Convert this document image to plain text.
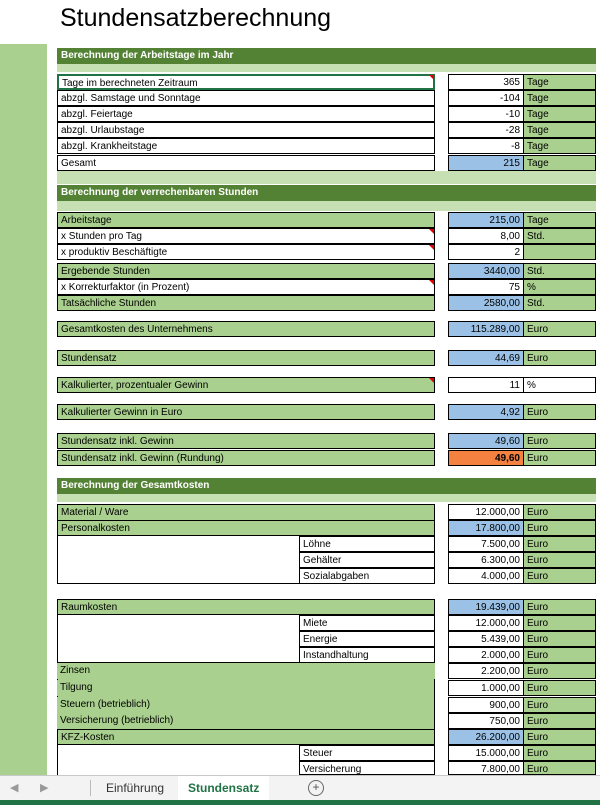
Stundensatzberechnung
Berechnung der Arbeitstage im Jahr
Tage im berechneten Zeitraum	365 Tage
abzgl. Samstage und Sonntage	-104 Tage
abzgl. Feiertage	-10 Tage
abzgl. Urlaubstage	-28 Tage
abzgl. Krankheitstage	-8 Tage
Gesamt	215 Tage
Berechnung der verrechenbaren Stunden
Arbeitstage	215,00 Tage
x Stunden pro Tag	8,00 Std.
x produktiv Beschäftigte	2
Ergebende Stunden	3440,00 Std.
x Korrekturfaktor (in Prozent)	75 %
Tatsächliche Stunden	2580,00 Std.
Gesamtkosten des Unternehmens	115.289,00 Euro
Stundensatz	44,69 Euro
Kalkulierter, prozentualer Gewinn	11 %
Kalkulierter Gewinn in Euro	4,92 Euro
Stundensatz inkl. Gewinn	49,60 Euro
Stundensatz inkl. Gewinn (Rundung)	49,60 Euro
Berechnung der Gesamtkosten
Material / Ware	12.000,00 Euro
Personalkosten	17.800,00 Euro
Löhne	7.500,00 Euro
Gehälter	6.300,00 Euro
Sozialabgaben	4.000,00 Euro
Raumkosten	19.439,00 Euro
Miete	12.000,00 Euro
Energie	5.439,00 Euro
Instandhaltung	2.000,00 Euro
Zinsen	2.200,00 Euro
Tilgung	1.000,00 Euro
Steuern (betrieblich)	900,00 Euro
Versicherung (betrieblich)	750,00 Euro
KFZ-Kosten	26.200,00 Euro
Steuer	15.000,00 Euro
Versicherung	7.800,00 Euro
◀ ▶	Einführung	Stundensatz	+
